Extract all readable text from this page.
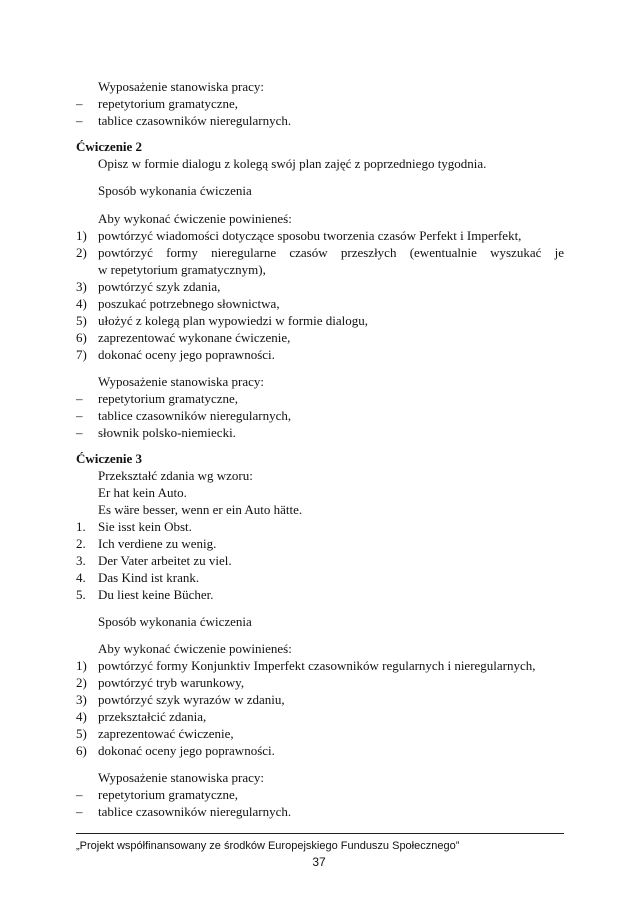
Wyposażenie stanowiska pracy:
– repetytorium gramatyczne,
– tablice czasowników nieregularnych.
Ćwiczenie 2
Opisz w formie dialogu z kolegą swój plan zajęć z poprzedniego tygodnia.
Sposób wykonania ćwiczenia
Aby wykonać ćwiczenie powinieneś:
1) powtórzyć wiadomości dotyczące sposobu tworzenia czasów Perfekt i Imperfekt,
2) powtórzyć formy nieregularne czasów przeszłych (ewentualnie wyszukać je
w repetytorium gramatycznym),
3) powtórzyć szyk zdania,
4) poszukać potrzebnego słownictwa,
5) ułożyć z kolegą plan wypowiedzi w formie dialogu,
6) zaprezentować wykonane ćwiczenie,
7) dokonać oceny jego poprawności.
Wyposażenie stanowiska pracy:
– repetytorium gramatyczne,
– tablice czasowników nieregularnych,
– słownik polsko-niemiecki.
Ćwiczenie 3
Przekształć zdania wg wzoru:
Er hat kein Auto.
Es wäre besser, wenn er ein Auto hätte.
1. Sie isst kein Obst.
2. Ich verdiene zu wenig.
3. Der Vater arbeitet zu viel.
4. Das Kind ist krank.
5. Du liest keine Bücher.
Sposób wykonania ćwiczenia
Aby wykonać ćwiczenie powinieneś:
1) powtórzyć formy Konjunktiv Imperfekt czasowników regularnych i nieregularnych,
2) powtórzyć tryb warunkowy,
3) powtórzyć szyk wyrazów w zdaniu,
4) przekształcić zdania,
5) zaprezentować ćwiczenie,
6) dokonać oceny jego poprawności.
Wyposażenie stanowiska pracy:
– repetytorium gramatyczne,
– tablice czasowników nieregularnych.
„Projekt współfinansowany ze środków Europejskiego Funduszu Społecznego”
37
